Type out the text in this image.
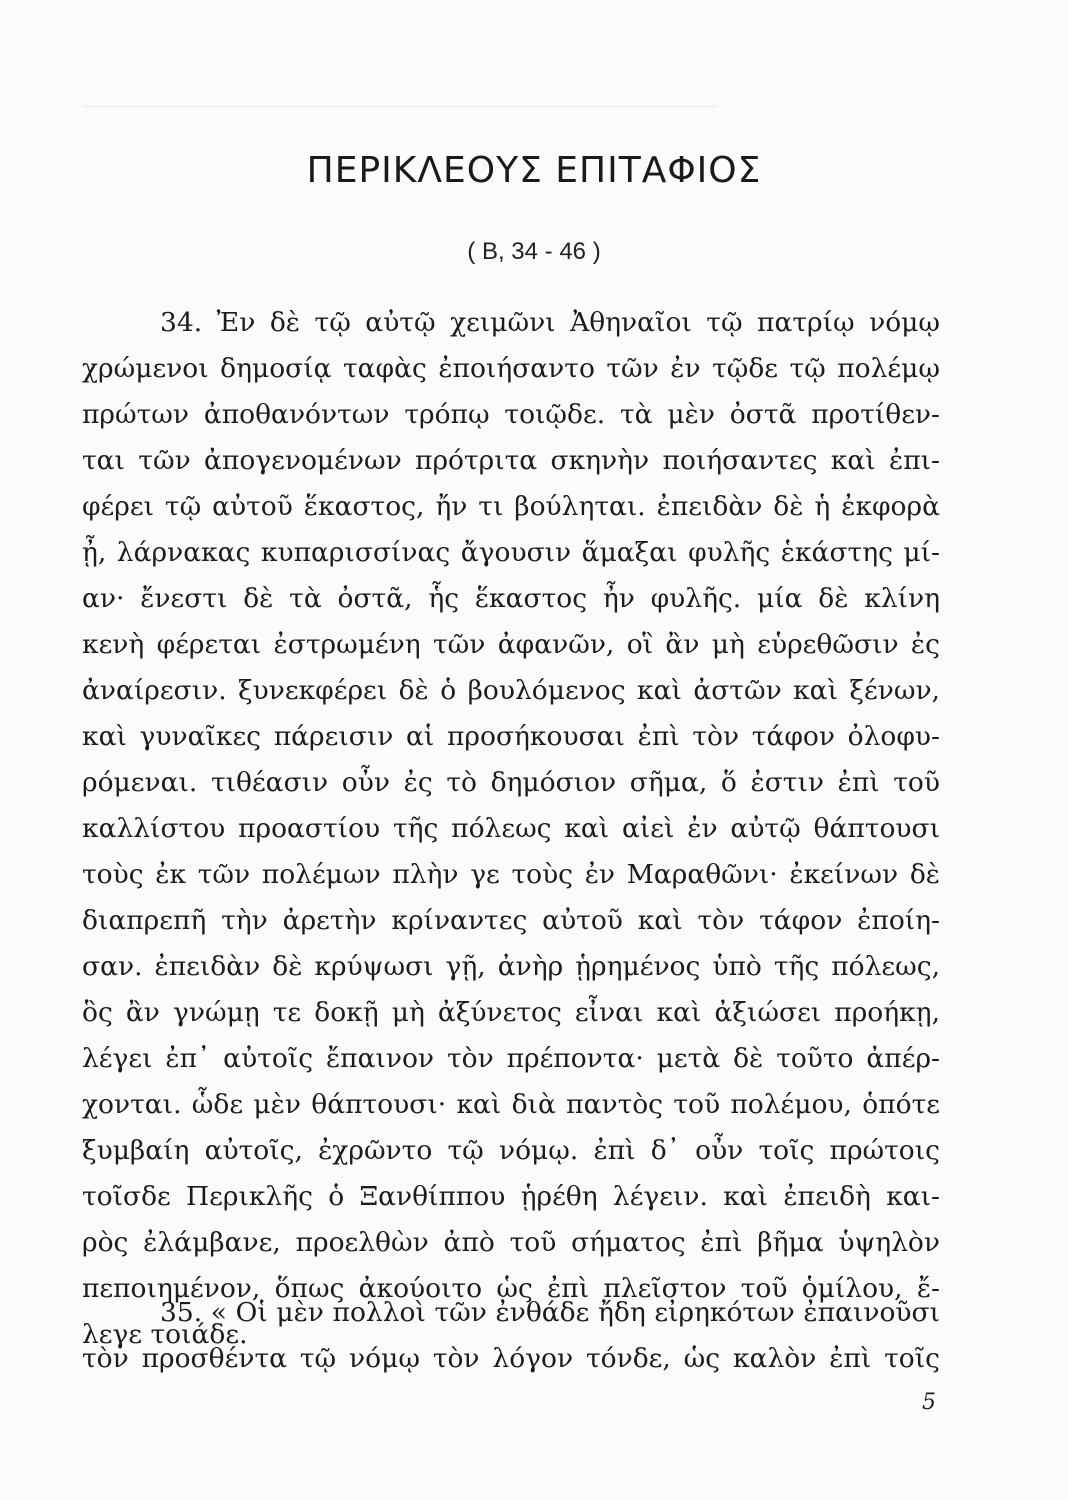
────────────────────────────────────────────────
ΠΕΡΙΚΛΕΟΥΣ ΕΠΙΤΑΦΙΟΣ
( Β, 34 - 46 )
34. Ἐν δὲ τῷ αὐτῷ χειμῶνι Ἀθηναῖοι τῷ πατρίῳ νόμῳ
χρώμενοι δημοσίᾳ ταφὰς ἐποιήσαντο τῶν ἐν τῷδε τῷ πολέμῳ
πρώτων ἀποθανόντων τρόπῳ τοιῷδε. τὰ μὲν ὀστᾶ προτίθεν-
ται τῶν ἀπογενομένων πρότριτα σκηνὴν ποιήσαντες καὶ ἐπι-
φέρει τῷ αὐτοῦ ἕκαστος, ἤν τι βούληται. ἐπειδὰν δὲ ἡ ἐκφορὰ
ᾖ, λάρνακας κυπαρισσίνας ἄγουσιν ἅμαξαι φυλῆς ἑκάστης μί-
αν· ἔνεστι δὲ τὰ ὀστᾶ, ἧς ἕκαστος ἦν φυλῆς. μία δὲ κλίνη
κενὴ φέρεται ἐστρωμένη τῶν ἀφανῶν, οἳ ἂν μὴ εὑρεθῶσιν ἐς
ἀναίρεσιν. ξυνεκφέρει δὲ ὁ βουλόμενος καὶ ἀστῶν καὶ ξένων,
καὶ γυναῖκες πάρεισιν αἱ προσήκουσαι ἐπὶ τὸν τάφον ὀλοφυ-
ρόμεναι. τιθέασιν οὖν ἐς τὸ δημόσιον σῆμα, ὅ ἐστιν ἐπὶ τοῦ
καλλίστου προαστίου τῆς πόλεως καὶ αἰεὶ ἐν αὐτῷ θάπτουσι
τοὺς ἐκ τῶν πολέμων πλὴν γε τοὺς ἐν Μαραθῶνι· ἐκείνων δὲ
διαπρεπῆ τὴν ἀρετὴν κρίναντες αὐτοῦ καὶ τὸν τάφον ἐποίη-
σαν. ἐπειδὰν δὲ κρύψωσι γῇ, ἀνὴρ ᾑρημένος ὑπὸ τῆς πόλεως,
ὃς ἂν γνώμῃ τε δοκῇ μὴ ἀξύνετος εἶναι καὶ ἀξιώσει προήκῃ,
λέγει ἐπ᾽ αὐτοῖς ἔπαινον τὸν πρέποντα· μετὰ δὲ τοῦτο ἀπέρ-
χονται. ὧδε μὲν θάπτουσι· καὶ διὰ παντὸς τοῦ πολέμου, ὁπότε
ξυμβαίη αὐτοῖς, ἐχρῶντο τῷ νόμῳ. ἐπὶ δ᾽ οὖν τοῖς πρώτοις
τοῖσδε Περικλῆς ὁ Ξανθίππου ᾑρέθη λέγειν. καὶ ἐπειδὴ και-
ρὸς ἐλάμβανε, προελθὼν ἀπὸ τοῦ σήματος ἐπὶ βῆμα ὑψηλὸν
πεποιημένον, ὅπως ἀκούοιτο ὡς ἐπὶ πλεῖστον τοῦ ὁμίλου, ἔ-
λεγε τοιάδε.
35. « Οἱ μὲν πολλοὶ τῶν ἐνθάδε ἤδη εἰρηκότων ἐπαινοῦσι
τὸν προσθέντα τῷ νόμῳ τὸν λόγον τόνδε, ὡς καλὸν ἐπὶ τοῖς
5
